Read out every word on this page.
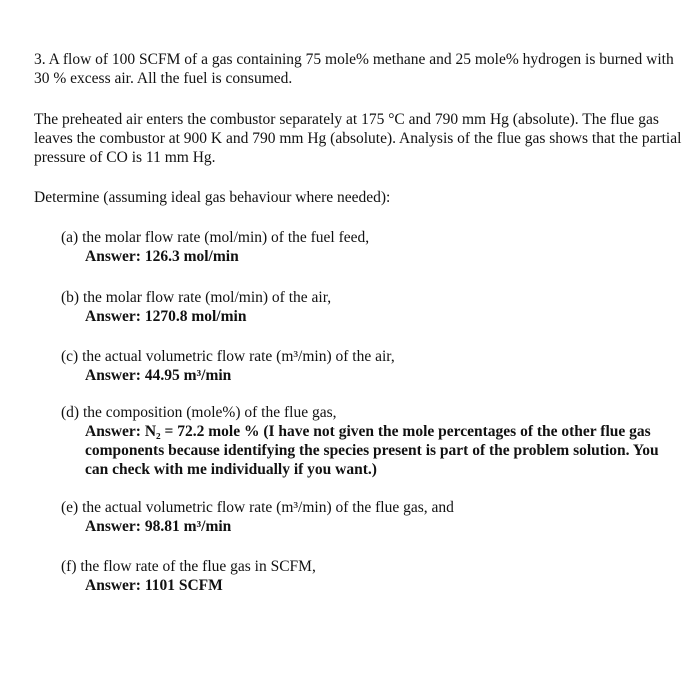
3. A flow of 100 SCFM of a gas containing 75 mole% methane and 25 mole% hydrogen is burned with 30 % excess air. All the fuel is consumed.

The preheated air enters the combustor separately at 175 °C and 790 mm Hg (absolute). The flue gas leaves the combustor at 900 K and 790 mm Hg (absolute). Analysis of the flue gas shows that the partial pressure of CO is 11 mm Hg.

Determine (assuming ideal gas behaviour where needed):

(a) the molar flow rate (mol/min) of the fuel feed,
Answer: 126.3 mol/min
(b) the molar flow rate (mol/min) of the air,
Answer: 1270.8 mol/min
(c) the actual volumetric flow rate (m³/min) of the air,
Answer: 44.95 m³/min
(d) the composition (mole%) of the flue gas,
Answer: N₂ = 72.2 mole % (I have not given the mole percentages of the other flue gas components because identifying the species present is part of the problem solution. You can check with me individually if you want.)
(e) the actual volumetric flow rate (m³/min) of the flue gas, and
Answer: 98.81 m³/min
(f) the flow rate of the flue gas in SCFM,
Answer: 1101 SCFM
